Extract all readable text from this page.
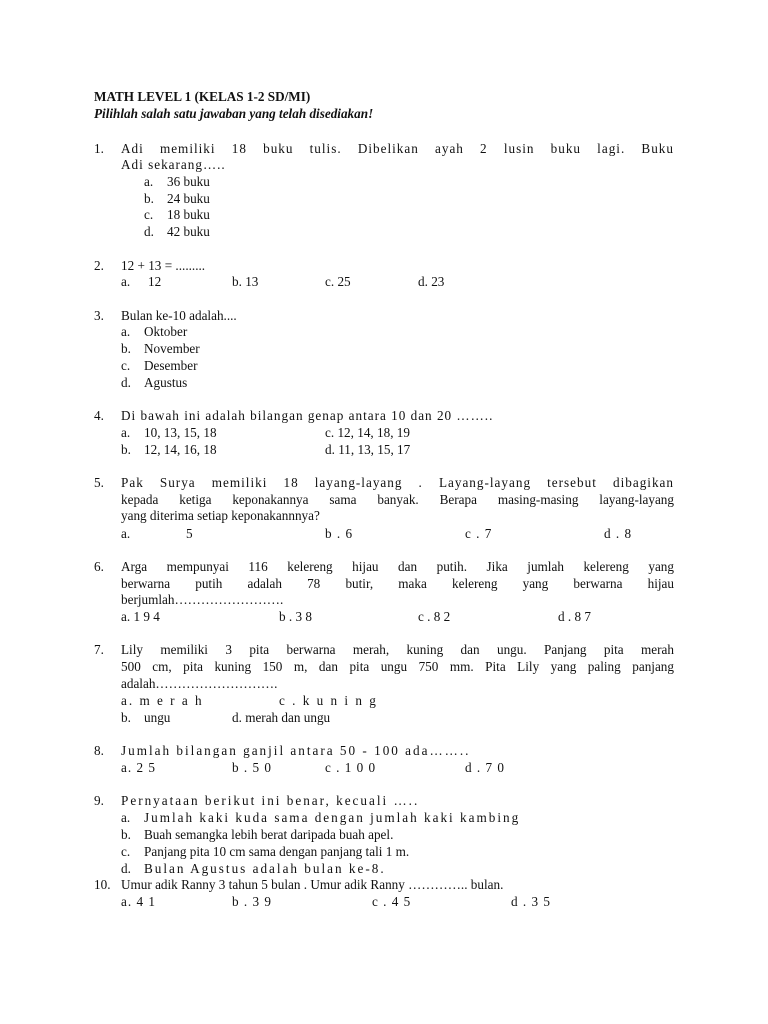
MATH LEVEL 1 (KELAS 1-2 SD/MI)
Pilihlah salah satu jawaban yang telah disediakan!
1. Adi memiliki 18 buku tulis. Dibelikan ayah 2 lusin buku lagi. Buku
Adi sekarang…..
a. 36 buku
b. 24 buku
c. 18 buku
d. 42 buku
2. 12 + 13 = .........
a. 12	b. 13	c. 25	d. 23
3. Bulan ke-10 adalah....
a. Oktober
b. November
c. Desember
d. Agustus
4. Di bawah ini adalah bilangan genap antara 10 dan 20 ……..
a. 10, 13, 15, 18	c. 12, 14, 18, 19
b. 12, 14, 16, 18	d. 11, 13, 15, 17
5. Pak Surya memiliki 18 layang-layang . Layang-layang tersebut dibagikan
kepada ketiga keponakannya sama banyak. Berapa masing-masing layang-layang
yang diterima setiap keponakannnya?
a.	5	b . 6	c . 7	d . 8
6. Arga mempunyai 116 kelereng hijau dan putih. Jika jumlah kelereng yang
berwarna putih adalah 78 butir, maka kelereng yang berwarna hijau
berjumlah…………………….
a. 1 9 4	b . 3 8	c . 8 2	d . 8 7
7. Lily memiliki 3 pita berwarna merah, kuning dan ungu. Panjang pita merah
500 cm, pita kuning 150 m, dan pita ungu 750 mm. Pita Lily yang paling panjang
adalah……………………….
a. m e r a h	c . k u n i n g
b. ungu	d. merah dan ungu
8. Jumlah bilangan ganjil antara 50 - 100 ada……..
a. 2 5	b . 5 0	c . 1 0 0	d . 7 0
9. Pernyataan berikut ini benar, kecuali …..
a. Jumlah kaki kuda sama dengan jumlah kaki kambing
b. Buah semangka lebih berat daripada buah apel.
c. Panjang pita 10 cm sama dengan panjang tali 1 m.
d. Bulan Agustus adalah bulan ke-8.
10. Umur adik Ranny 3 tahun 5 bulan . Umur adik Ranny ………….. bulan.
a. 4 1	b . 3 9	c . 4 5	d . 3 5
